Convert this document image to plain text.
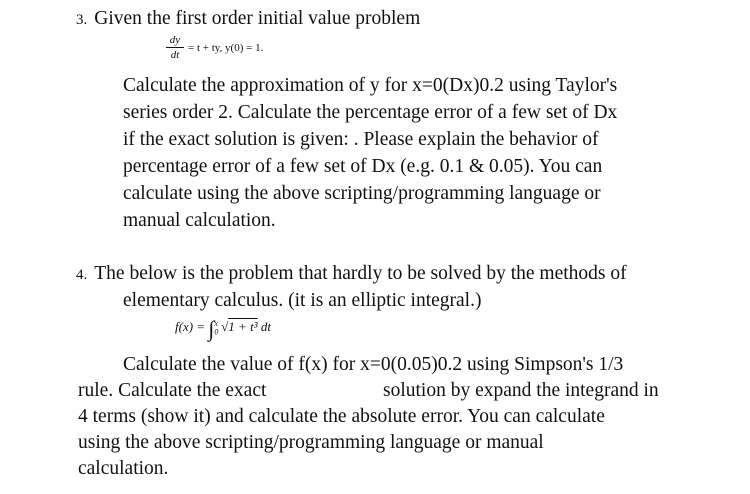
3. Given the first order initial value problem
dy
dt
= t + ty, y(0) = 1.
Calculate the approximation of y for x=0(Dx)0.2 using Taylor's
series order 2. Calculate the percentage error of a few set of Dx
if the exact solution is given: . Please explain the behavior of
percentage error of a few set of Dx (e.g. 0.1 & 0.05). You can
calculate using the above scripting/programming language or
manual calculation.
4. The below is the problem that hardly to be solved by the methods of
elementary calculus. (it is an elliptic integral.)
$f(x) = \int_0^x$ √1 + t³ dt
Calculate the value of f(x) for x=0(0.05)0.2 using Simpson's 1/3
rule. Calculate the exact	solution by expand the integrand in
4 terms (show it) and calculate the absolute error. You can calculate
using the above scripting/programming language or manual
calculation.
